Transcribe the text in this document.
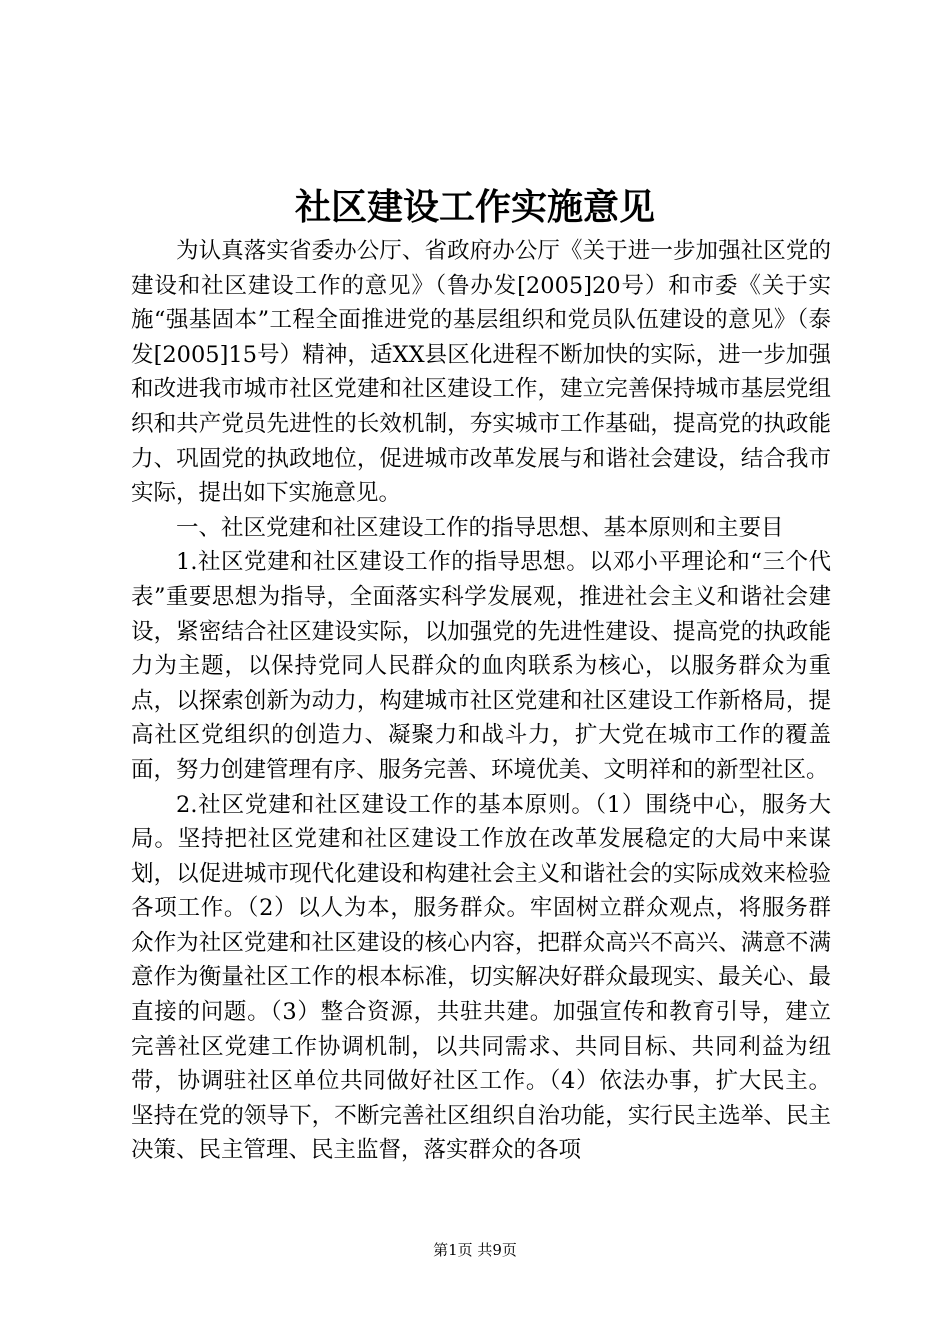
社区建设工作实施意见

为认真落实省委办公厅、省政府办公厅《关于进一步加强社区党的建设和社区建设工作的意见》（鲁办发[2005]20号）和市委《关于实施“强基固本”工程全面推进党的基层组织和党员队伍建设的意见》（泰发[2005]15号）精神，适XX县区化进程不断加快的实际，进一步加强和改进我市城市社区党建和社区建设工作，建立完善保持城市基层党组织和共产党员先进性的长效机制，夯实城市工作基础，提高党的执政能力、巩固党的执政地位，促进城市改革发展与和谐社会建设，结合我市实际，提出如下实施意见。

一、社区党建和社区建设工作的指导思想、基本原则和主要目

1.社区党建和社区建设工作的指导思想。以邓小平理论和“三个代表”重要思想为指导，全面落实科学发展观，推进社会主义和谐社会建设，紧密结合社区建设实际，以加强党的先进性建设、提高党的执政能力为主题，以保持党同人民群众的血肉联系为核心，以服务群众为重点，以探索创新为动力，构建城市社区党建和社区建设工作新格局，提高社区党组织的创造力、凝聚力和战斗力，扩大党在城市工作的覆盖面，努力创建管理有序、服务完善、环境优美、文明祥和的新型社区。

2.社区党建和社区建设工作的基本原则。（1）围绕中心，服务大局。坚持把社区党建和社区建设工作放在改革发展稳定的大局中来谋划，以促进城市现代化建设和构建社会主义和谐社会的实际成效来检验各项工作。（2）以人为本，服务群众。牢固树立群众观点，将服务群众作为社区党建和社区建设的核心内容，把群众高兴不高兴、满意不满意作为衡量社区工作的根本标准，切实解决好群众最现实、最关心、最直接的问题。（3）整合资源，共驻共建。加强宣传和教育引导，建立完善社区党建工作协调机制，以共同需求、共同目标、共同利益为纽带，协调驻社区单位共同做好社区工作。（4）依法办事，扩大民主。坚持在党的领导下，不断完善社区组织自治功能，实行民主选举、民主决策、民主管理、民主监督，落实群众的各项

第1页 共9页
